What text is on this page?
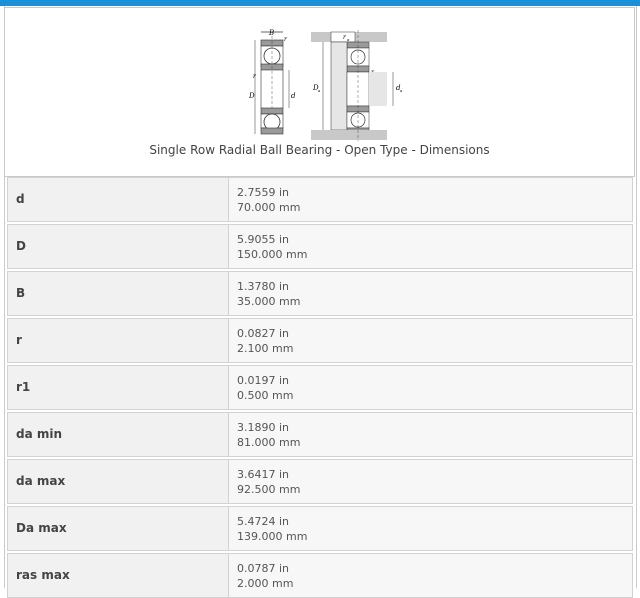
B
r
D
r
d
r a
D a	d a
Single Row Radial Ball Bearing - Open Type - Dimensions
d	2.7559 in
70.000 mm
D	5.9055 in
150.000 mm
B	1.3780 in
35.000 mm
r	0.0827 in
2.100 mm
r1	0.0197 in
0.500 mm
da min	3.1890 in
81.000 mm
da max	3.6417 in
92.500 mm
Da max	5.4724 in
139.000 mm
ras max	0.0787 in
2.000 mm
